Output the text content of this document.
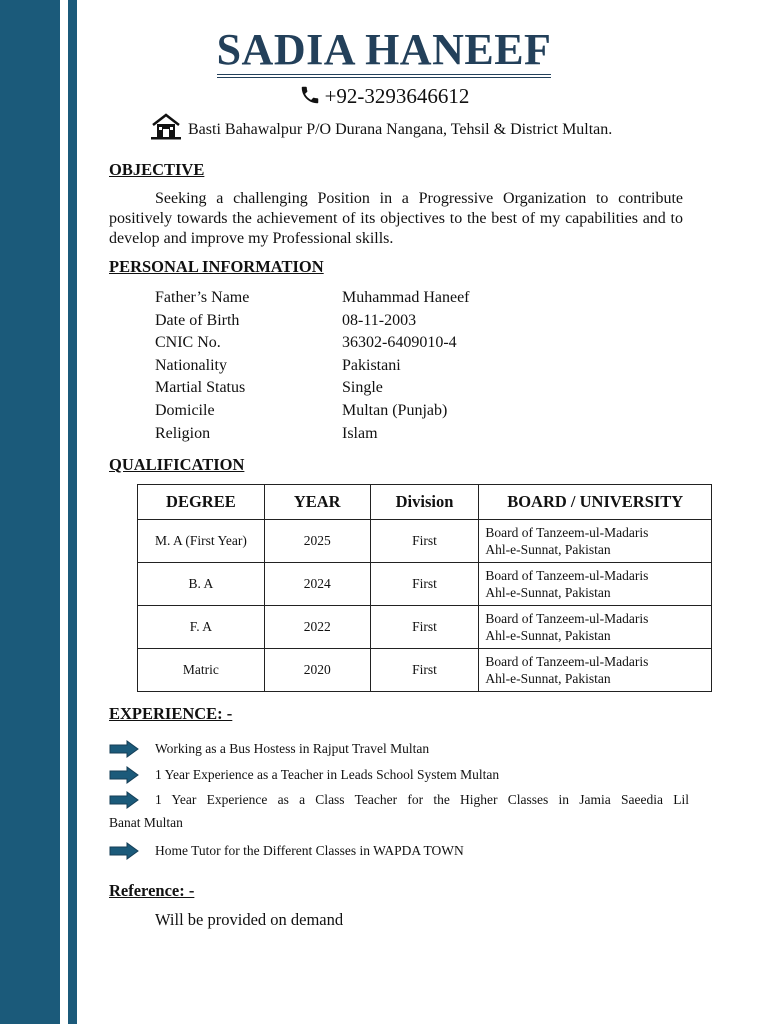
SADIA HANEEF
+92-3293646612
Basti Bahawalpur P/O Durana Nangana, Tehsil & District Multan.
OBJECTIVE
Seeking a challenging Position in a Progressive Organization to contribute positively towards the achievement of its objectives to the best of my capabilities and to develop and improve my Professional skills.
PERSONAL INFORMATION
Father’s Name	Muhammad Haneef
Date of Birth	08-11-2003
CNIC No.	36302-6409010-4
Nationality	Pakistani
Martial Status	Single
Domicile	Multan (Punjab)
Religion	Islam
QUALIFICATION
DEGREE	YEAR	Division	BOARD / UNIVERSITY
M. A (First Year)	2025	First	Board of Tanzeem-ul-Madaris
Ahl-e-Sunnat, Pakistan

B. A	2024	First	Board of Tanzeem-ul-Madaris
Ahl-e-Sunnat, Pakistan

F. A	2022	First	Board of Tanzeem-ul-Madaris
Ahl-e-Sunnat, Pakistan

Matric	2020	First	Board of Tanzeem-ul-Madaris
Ahl-e-Sunnat, Pakistan
EXPERIENCE: -
Working as a Bus Hostess in Rajput Travel Multan
1 Year Experience as a Teacher in Leads School System Multan
1 Year Experience as a Class Teacher for the Higher Classes in Jamia Saeedia Lil
Banat Multan
Home Tutor for the Different Classes in WAPDA TOWN
Reference: -
Will be provided on demand
